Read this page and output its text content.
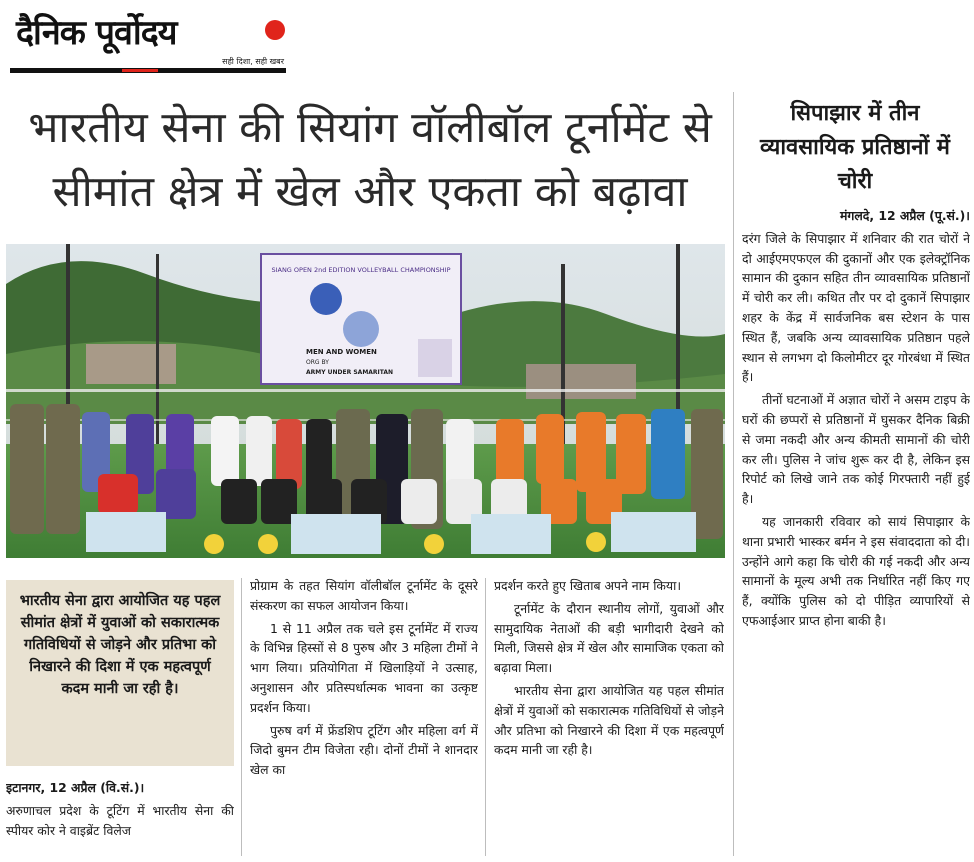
दैनिक पूर्वोदय
सही दिशा, सही खबर
भारतीय सेना की सियांग वॉलीबॉल टूर्नामेंट से
सीमांत क्षेत्र में खेल और एकता को बढ़ावा
SIANG OPEN 2nd EDITION VOLLEYBALL CHAMPIONSHIP
MEN AND WOMEN
ORG BY
ARMY UNDER SAMARITAN

भारतीय सेना द्वारा आयोजित यह पहल सीमांत क्षेत्रों में युवाओं को सकारात्मक गतिविधियों से जोड़ने और प्रतिभा को निखारने की दिशा में एक महत्वपूर्ण कदम मानी जा रही है।

इटानगर, 12 अप्रैल (वि.सं.)।

अरुणाचल प्रदेश के टूटिंग में भारतीय सेना की स्पीयर कोर ने वाइब्रेंट विलेज

प्रोग्राम के तहत सियांग वॉलीबॉल टूर्नामेंट के दूसरे संस्करण का सफल आयोजन किया।

1 से 11 अप्रैल तक चले इस टूर्नामेंट में राज्य के विभिन्न हिस्सों से 8 पुरुष और 3 महिला टीमों ने भाग लिया। प्रतियोगिता में खिलाड़ियों ने उत्साह, अनुशासन और प्रतिस्पर्धात्मक भावना का उत्कृष्ट प्रदर्शन किया।

पुरुष वर्ग में फ्रेंडशिप टूटिंग और महिला वर्ग में जिदो बुमन टीम विजेता रही। दोनों टीमों ने शानदार खेल का

प्रदर्शन करते हुए खिताब अपने नाम किया।

टूर्नामेंट के दौरान स्थानीय लोगों, युवाओं और सामुदायिक नेताओं की बड़ी भागीदारी देखने को मिली, जिससे क्षेत्र में खेल और सामाजिक एकता को बढ़ावा मिला।

भारतीय सेना द्वारा आयोजित यह पहल सीमांत क्षेत्रों में युवाओं को सकारात्मक गतिविधियों से जोड़ने और प्रतिभा को निखारने की दिशा में एक महत्वपूर्ण कदम मानी जा रही है।

सिपाझार में तीन व्यावसायिक प्रतिष्ठानों में चोरी

मंगलदे, 12 अप्रैल (पू.सं.)।

दरंग जिले के सिपाझार में शनिवार की रात चोरों ने दो आईएमएफएल की दुकानों और एक इलेक्ट्रॉनिक सामान की दुकान सहित तीन व्यावसायिक प्रतिष्ठानों में चोरी कर ली। कथित तौर पर दो दुकानें सिपाझार शहर के केंद्र में सार्वजनिक बस स्टेशन के पास स्थित हैं, जबकि अन्य व्यावसायिक प्रतिष्ठान पहले स्थान से लगभग दो किलोमीटर दूर गोरबंधा में स्थित हैं।

तीनों घटनाओं में अज्ञात चोरों ने असम टाइप के घरों की छप्परों से प्रतिष्ठानों में घुसकर दैनिक बिक्री से जमा नकदी और अन्य कीमती सामानों की चोरी कर ली। पुलिस ने जांच शुरू कर दी है, लेकिन इस रिपोर्ट को लिखे जाने तक कोई गिरफ्तारी नहीं हुई है।

यह जानकारी रविवार को सायं सिपाझार के थाना प्रभारी भास्कर बर्मन ने इस संवाददाता को दी। उन्होंने आगे कहा कि चोरी की गई नकदी और अन्य सामानों के मूल्य अभी तक निर्धारित नहीं किए गए हैं, क्योंकि पुलिस को दो पीड़ित व्यापारियों से एफआईआर प्राप्त होना बाकी है।
